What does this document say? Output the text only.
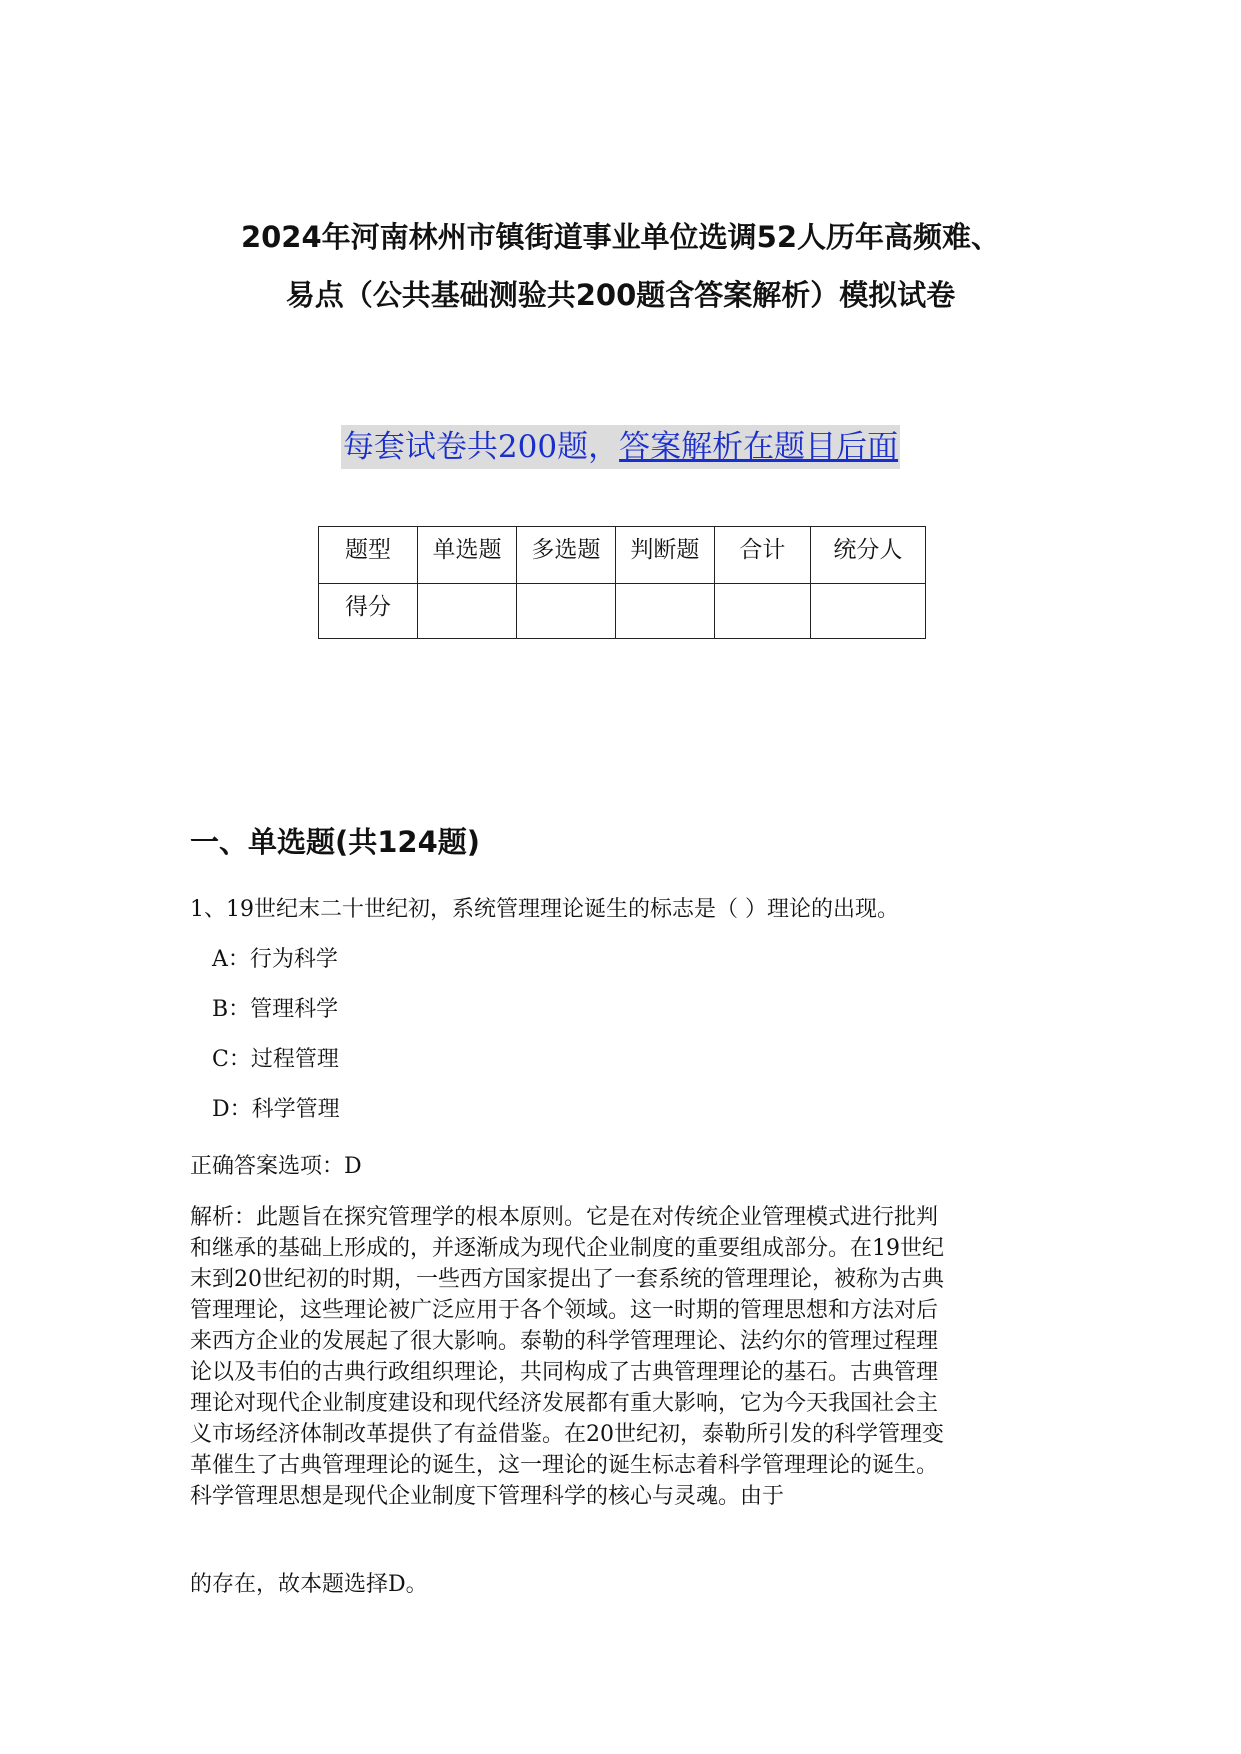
2024年河南林州市镇街道事业单位选调52人历年高频难、
易点（公共基础测验共200题含答案解析）模拟试卷
每套试卷共200题，答案解析在题目后面
题型	单选题	多选题	判断题	合计	统分人
得分					
一、单选题(共124题)
1、19世纪末二十世纪初，系统管理理论诞生的标志是（ ）理论的出现。
A：行为科学
B：管理科学
C：过程管理
D：科学管理
正确答案选项：D
解析：此题旨在探究管理学的根本原则。它是在对传统企业管理模式进行批判
和继承的基础上形成的，并逐渐成为现代企业制度的重要组成部分。在19世纪
末到20世纪初的时期，一些西方国家提出了一套系统的管理理论，被称为古典
管理理论，这些理论被广泛应用于各个领域。这一时期的管理思想和方法对后
来西方企业的发展起了很大影响。泰勒的科学管理理论、法约尔的管理过程理
论以及韦伯的古典行政组织理论，共同构成了古典管理理论的基石。古典管理
理论对现代企业制度建设和现代经济发展都有重大影响，它为今天我国社会主
义市场经济体制改革提供了有益借鉴。在20世纪初，泰勒所引发的科学管理变
革催生了古典管理理论的诞生，这一理论的诞生标志着科学管理理论的诞生。
科学管理思想是现代企业制度下管理科学的核心与灵魂。由于
的存在，故本题选择D。
